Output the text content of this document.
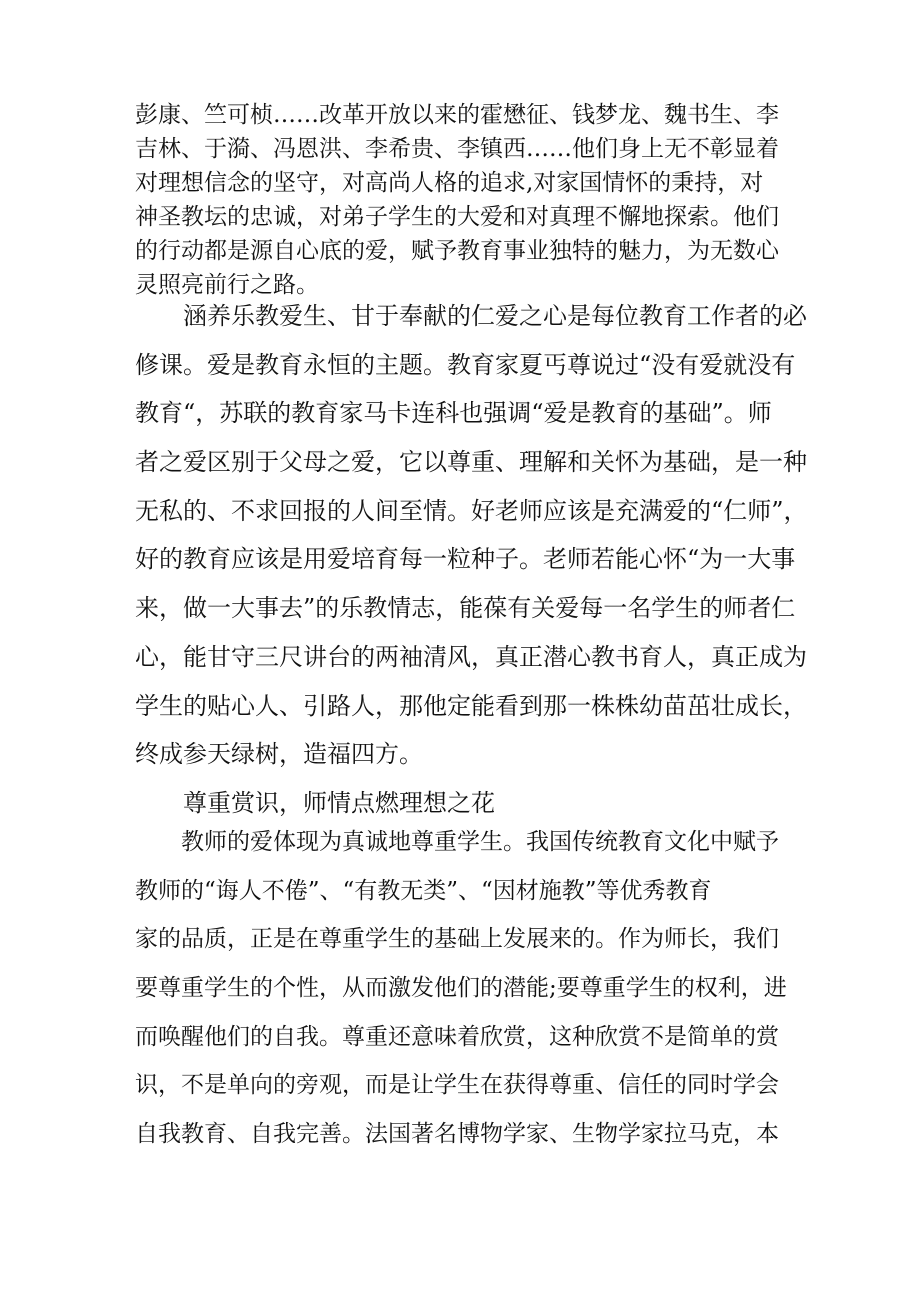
彭康、竺可桢……改革开放以来的霍懋征、钱梦龙、魏书生、李
吉林、于漪、冯恩洪、李希贵、李镇西……他们身上无不彰显着
对理想信念的坚守，对高尚人格的追求,对家国情怀的秉持，对
神圣教坛的忠诚，对弟子学生的大爱和对真理不懈地探索。他们
的行动都是源自心底的爱，赋予教育事业独特的魅力，为无数心
灵照亮前行之路。
　　涵养乐教爱生、甘于奉献的仁爱之心是每位教育工作者的必
修课。爱是教育永恒的主题。教育家夏丐尊说过“没有爱就没有
教育“，苏联的教育家马卡连科也强调“爱是教育的基础”。师
者之爱区别于父母之爱，它以尊重、理解和关怀为基础，是一种
无私的、不求回报的人间至情。好老师应该是充满爱的“仁师”，
好的教育应该是用爱培育每一粒种子。老师若能心怀“为一大事
来，做一大事去”的乐教情志，能葆有关爱每一名学生的师者仁
心，能甘守三尺讲台的两袖清风，真正潜心教书育人，真正成为
学生的贴心人、引路人，那他定能看到那一株株幼苗茁壮成长，
终成参天绿树，造福四方。
　　尊重赏识，师情点燃理想之花
　　教师的爱体现为真诚地尊重学生。我国传统教育文化中赋予
教师的“诲人不倦”、“有教无类”、“因材施教”等优秀教育
家的品质，正是在尊重学生的基础上发展来的。作为师长，我们
要尊重学生的个性，从而激发他们的潜能;要尊重学生的权利，进
而唤醒他们的自我。尊重还意味着欣赏，这种欣赏不是简单的赏
识，不是单向的旁观，而是让学生在获得尊重、信任的同时学会
自我教育、自我完善。法国著名博物学家、生物学家拉马克，本
